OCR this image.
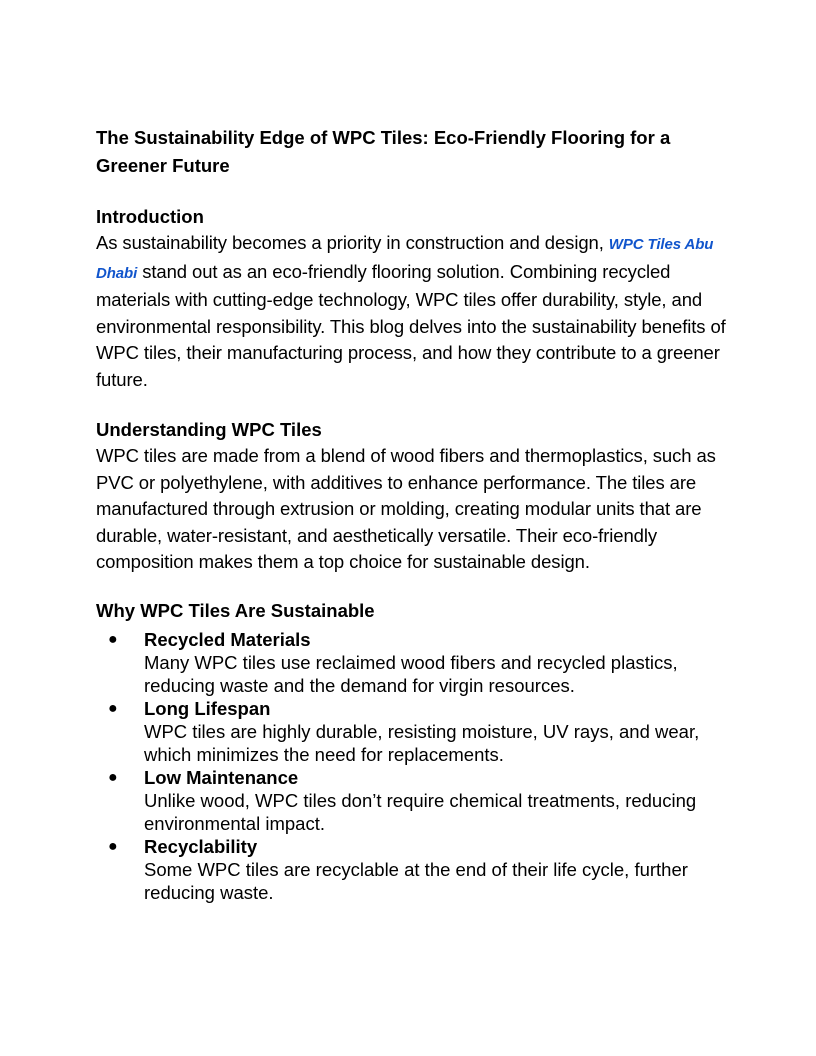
The Sustainability Edge of WPC Tiles: Eco-Friendly Flooring for a Greener Future
Introduction

As sustainability becomes a priority in construction and design, WPC Tiles Abu Dhabi stand out as an eco-friendly flooring solution. Combining recycled materials with cutting-edge technology, WPC tiles offer durability, style, and environmental responsibility. This blog delves into the sustainability benefits of WPC tiles, their manufacturing process, and how they contribute to a greener future.

Understanding WPC Tiles

WPC tiles are made from a blend of wood fibers and thermoplastics, such as PVC or polyethylene, with additives to enhance performance. The tiles are manufactured through extrusion or molding, creating modular units that are durable, water-resistant, and aesthetically versatile. Their eco-friendly composition makes them a top choice for sustainable design.

Why WPC Tiles Are Sustainable
● Recycled Materials
Many WPC tiles use reclaimed wood fibers and recycled plastics, reducing waste and the demand for virgin resources.
● Long Lifespan
WPC tiles are highly durable, resisting moisture, UV rays, and wear, which minimizes the need for replacements.
● Low Maintenance
Unlike wood, WPC tiles don’t require chemical treatments, reducing environmental impact.
● Recyclability
Some WPC tiles are recyclable at the end of their life cycle, further reducing waste.
